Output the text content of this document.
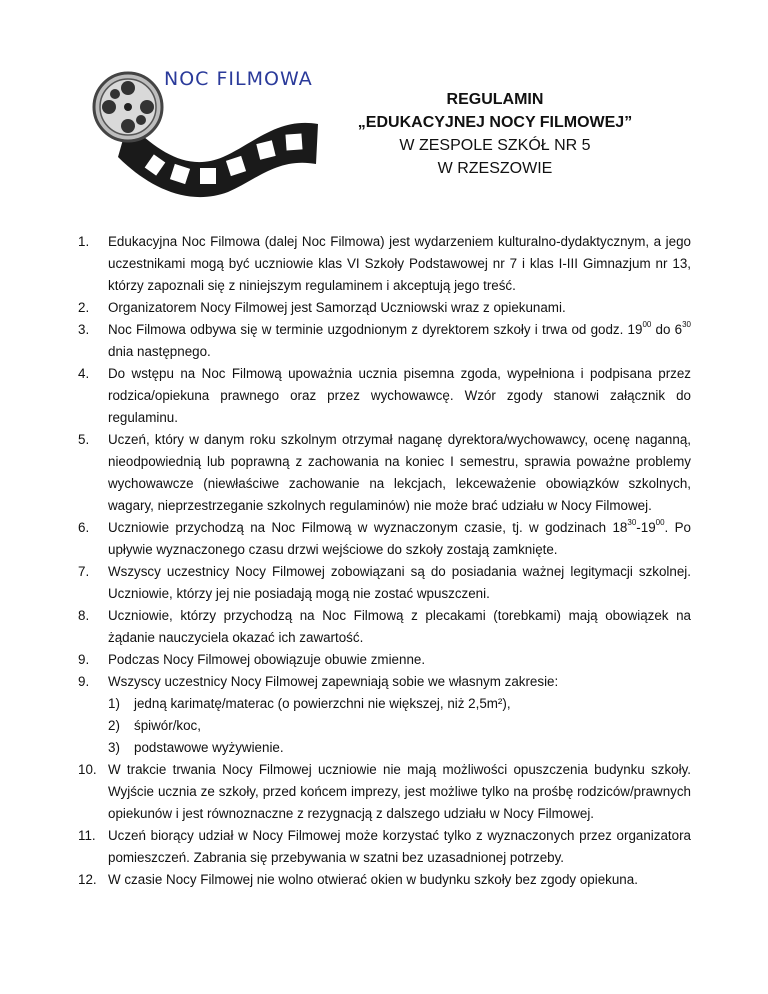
NOC FILMOWA
REGULAMIN
„EDUKACYJNEJ NOCY FILMOWEJ”
W ZESPOLE SZKÓŁ NR 5
W RZESZOWIE
1.	Edukacyjna Noc Filmowa (dalej Noc Filmowa) jest wydarzeniem kulturalno-dydaktycznym, a jego uczestnikami mogą być uczniowie klas VI Szkoły Podstawowej nr 7 i klas I-III Gimnazjum nr 13, którzy zapoznali się z niniejszym regulaminem i akceptują jego treść.
2.	Organizatorem Nocy Filmowej jest Samorząd Uczniowski wraz z opiekunami.
3.	Noc Filmowa odbywa się w terminie uzgodnionym z dyrektorem szkoły i trwa od godz. $19^{00}$ do $6^{30}$ dnia następnego.
4.	Do wstępu na Noc Filmową upoważnia ucznia pisemna zgoda, wypełniona i podpisana przez rodzica/opiekuna prawnego oraz przez wychowawcę. Wzór zgody stanowi załącznik do regulaminu.
5.	Uczeń, który w danym roku szkolnym otrzymał naganę dyrektora/wychowawcy, ocenę naganną, nieodpowiednią lub poprawną z zachowania na koniec I semestru, sprawia poważne problemy wychowawcze (niewłaściwe zachowanie na lekcjach, lekceważenie obowiązków szkolnych, wagary, nieprzestrzeganie szkolnych regulaminów) nie może brać udziału w Nocy Filmowej.
6.	Uczniowie przychodzą na Noc Filmową w wyznaczonym czasie, tj. w godzinach $18^{30}-19^{00}$. Po upływie wyznaczonego czasu drzwi wejściowe do szkoły zostają zamknięte.
7.	Wszyscy uczestnicy Nocy Filmowej zobowiązani są do posiadania ważnej legitymacji szkolnej. Uczniowie, którzy jej nie posiadają mogą nie zostać wpuszczeni.
8.	Uczniowie, którzy przychodzą na Noc Filmową z plecakami (torebkami) mają obowiązek na żądanie nauczyciela okazać ich zawartość.
9.	Podczas Nocy Filmowej obowiązuje obuwie zmienne.
9.	Wszyscy uczestnicy Nocy Filmowej zapewniają sobie we własnym zakresie:
1)	jedną karimatę/materac (o powierzchni nie większej, niż 2,5m²),
2)	śpiwór/koc,
3)	podstawowe wyżywienie.
10. W trakcie trwania Nocy Filmowej uczniowie nie mają możliwości opuszczenia budynku szkoły. Wyjście ucznia ze szkoły, przed końcem imprezy, jest możliwe tylko na prośbę rodziców/prawnych opiekunów i jest równoznaczne z rezygnacją z dalszego udziału w Nocy Filmowej.
11. Uczeń biorący udział w Nocy Filmowej może korzystać tylko z wyznaczonych przez organizatora pomieszczeń. Zabrania się przebywania w szatni bez uzasadnionej potrzeby.
12. W czasie Nocy Filmowej nie wolno otwierać okien w budynku szkoły bez zgody opiekuna.
